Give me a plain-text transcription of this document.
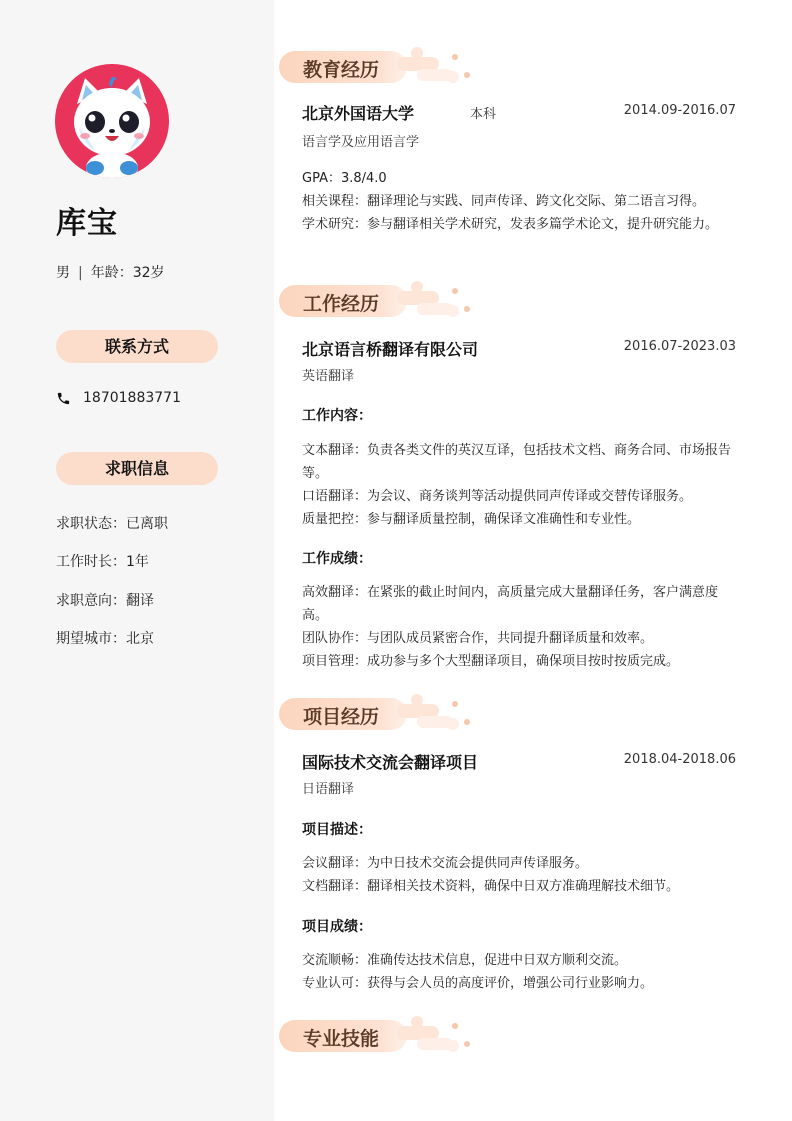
库宝
男 | 年龄：32岁
联系方式
18701883771
求职信息
求职状态：已离职
工作时长：1年
求职意向：翻译
期望城市：北京
教育经历
北京外国语大学	本科	2014.09-2016.07
语言学及应用语言学

GPA：3.8/4.0

相关课程：翻译理论与实践、同声传译、跨文化交际、第二语言习得。

学术研究：参与翻译相关学术研究，发表多篇学术论文，提升研究能力。

工作经历
北京语言桥翻译有限公司	2016.07-2023.03
英语翻译
工作内容：

文本翻译：负责各类文件的英汉互译，包括技术文档、商务合同、市场报告等。

口语翻译：为会议、商务谈判等活动提供同声传译或交替传译服务。

质量把控：参与翻译质量控制，确保译文准确性和专业性。

工作成绩：

高效翻译：在紧张的截止时间内，高质量完成大量翻译任务，客户满意度高。

团队协作：与团队成员紧密合作，共同提升翻译质量和效率。

项目管理：成功参与多个大型翻译项目，确保项目按时按质完成。

项目经历
国际技术交流会翻译项目	2018.04-2018.06
日语翻译
项目描述：

会议翻译：为中日技术交流会提供同声传译服务。

文档翻译：翻译相关技术资料，确保中日双方准确理解技术细节。

项目成绩：

交流顺畅：准确传达技术信息，促进中日双方顺利交流。

专业认可：获得与会人员的高度评价，增强公司行业影响力。

专业技能
